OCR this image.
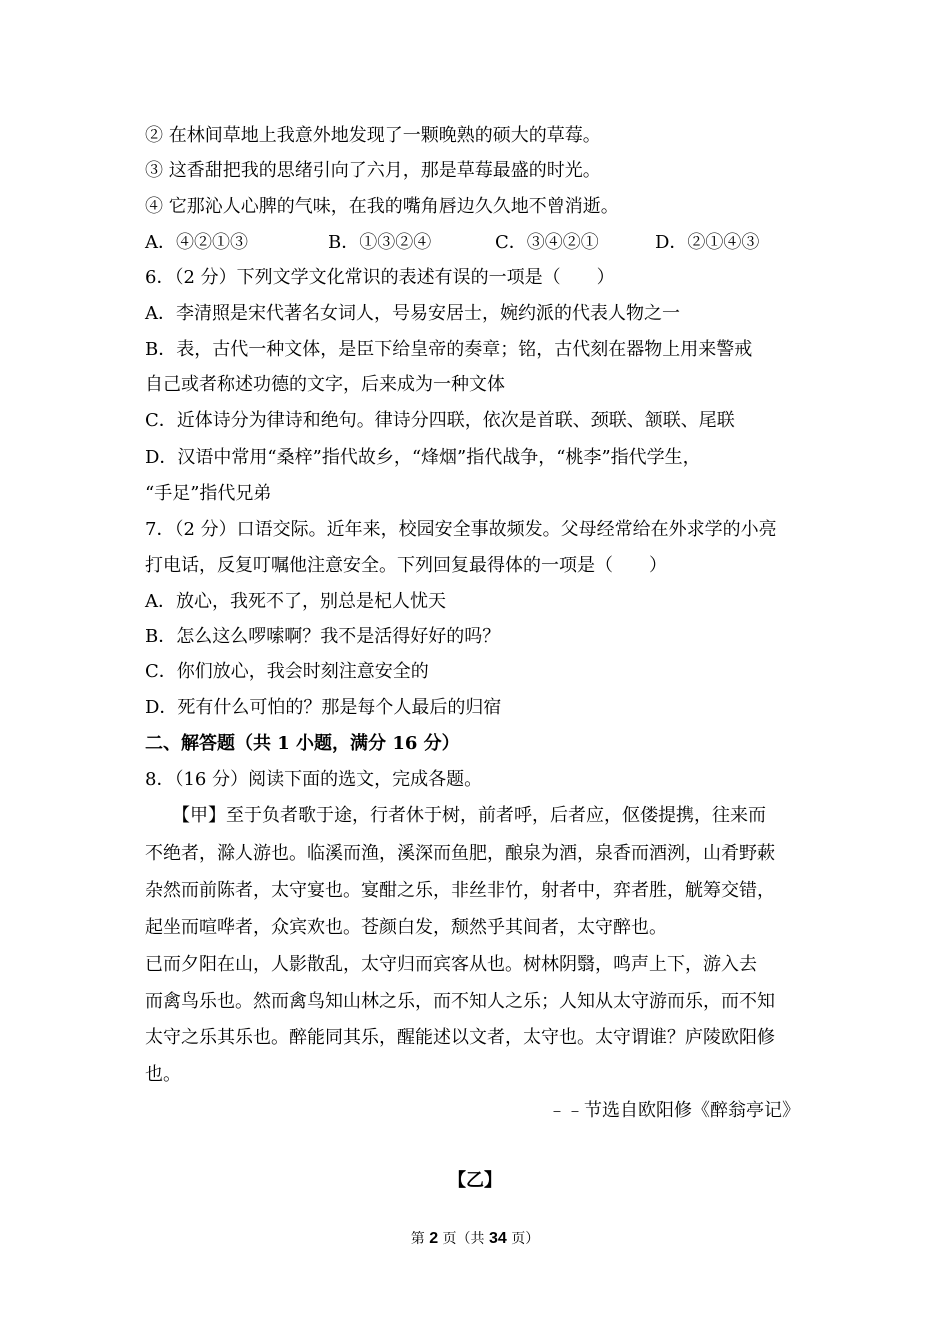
② 在林间草地上我意外地发现了一颗晚熟的硕大的草莓。
③ 这香甜把我的思绪引向了六月，那是草莓最盛的时光。
④ 它那沁人心脾的气味，在我的嘴角唇边久久地不曾消逝。
A．④②①③	B．①③②④	C．③④②①	D．②①④③
6．（2 分）下列文学文化常识的表述有误的一项是（　　）
A．李清照是宋代著名女词人，号易安居士，婉约派的代表人物之一
B．表，古代一种文体，是臣下给皇帝的奏章；铭，古代刻在器物上用来警戒
自己或者称述功德的文字，后来成为一种文体
C．近体诗分为律诗和绝句。律诗分四联，依次是首联、颈联、颔联、尾联
D．汉语中常用“桑梓”指代故乡，“烽烟”指代战争，“桃李”指代学生，
“手足”指代兄弟
7．（2 分）口语交际。近年来，校园安全事故频发。父母经常给在外求学的小亮
打电话，反复叮嘱他注意安全。下列回复最得体的一项是（　　）
A．放心，我死不了，别总是杞人忧天
B．怎么这么啰嗦啊？我不是活得好好的吗？
C．你们放心，我会时刻注意安全的
D．死有什么可怕的？那是每个人最后的归宿
二、解答题（共 1 小题，满分 16 分）
8．（16 分）阅读下面的选文，完成各题。
　　【甲】至于负者歌于途，行者休于树，前者呼，后者应，伛偻提携，往来而
不绝者，滁人游也。临溪而渔，溪深而鱼肥，酿泉为酒，泉香而酒洌，山肴野蔌
杂然而前陈者，太守宴也。宴酣之乐，非丝非竹，射者中，弈者胜，觥筹交错，
起坐而喧哗者，众宾欢也。苍颜白发，颓然乎其间者，太守醉也。
已而夕阳在山，人影散乱，太守归而宾客从也。树林阴翳，鸣声上下，游入去
而禽鸟乐也。然而禽鸟知山林之乐，而不知人之乐；人知从太守游而乐，而不知
太守之乐其乐也。醉能同其乐，醒能述以文者，太守也。太守谓谁？庐陵欧阳修
也。
﹣﹣节选自欧阳修《醉翁亭记》
【乙】
第 2 页（共 34 页）
